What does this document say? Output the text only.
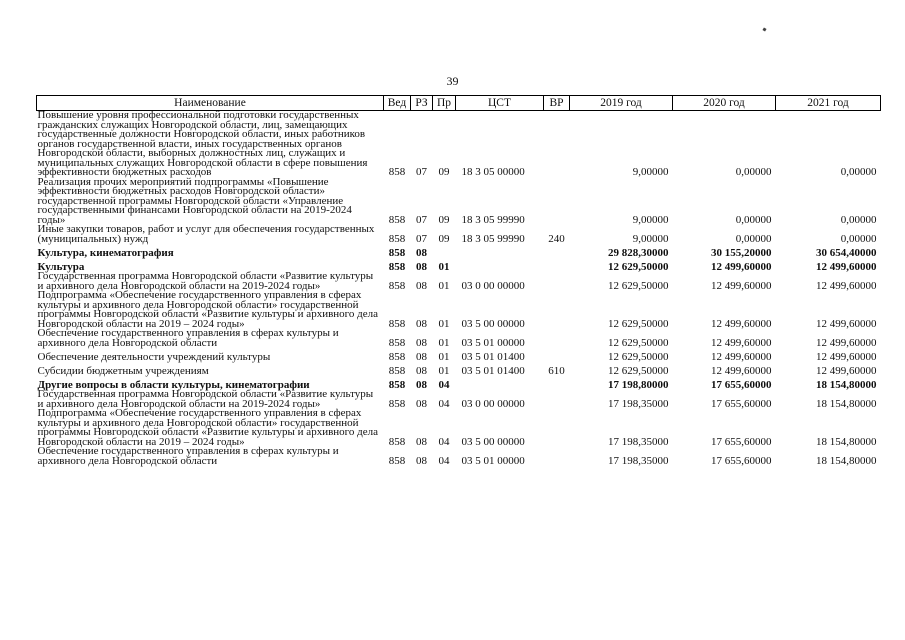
39
Наименование	Вед	РЗ	Пр	ЦСТ	ВР	2019 год	2020 год	2021 год
Повышение уровня профессиональной подготовки государственных гражданских служащих Новгородской области, лиц, замещающих государственные должности Новгородской области, иных работников органов государственной власти, иных государственных органов Новгородской области, выборных должностных лиц, служащих и муниципальных служащих Новгородской области в сфере повышения эффективности бюджетных расходов	858	07	09	18 3 05 00000		9,00000	0,00000	0,00000
Реализация прочих мероприятий подпрограммы «Повышение эффективности бюджетных расходов Новгородской области» государственной программы Новгородской области «Управление государственными финансами Новгородской области на 2019-2024 годы»	858	07	09	18 3 05 99990		9,00000	0,00000	0,00000
Иные закупки товаров, работ и услуг для обеспечения государственных (муниципальных) нужд	858	07	09	18 3 05 99990	240	9,00000	0,00000	0,00000
Культура, кинематография	858	08				29 828,30000	30 155,20000	30 654,40000
Культура	858	08	01			12 629,50000	12 499,60000	12 499,60000
Государственная программа Новгородской области «Развитие культуры и архивного дела Новгородской области на 2019-2024 годы»	858	08	01	03 0 00 00000		12 629,50000	12 499,60000	12 499,60000
Подпрограмма «Обеспечение государственного управления в сферах культуры и архивного дела Новгородской области» государственной программы Новгородской области «Развитие культуры и архивного дела Новгородской области на 2019 – 2024 годы»	858	08	01	03 5 00 00000		12 629,50000	12 499,60000	12 499,60000
Обеспечение государственного управления в сферах культуры и архивного дела Новгородской области	858	08	01	03 5 01 00000		12 629,50000	12 499,60000	12 499,60000
Обеспечение деятельности учреждений культуры	858	08	01	03 5 01 01400		12 629,50000	12 499,60000	12 499,60000
Субсидии бюджетным учреждениям	858	08	01	03 5 01 01400	610	12 629,50000	12 499,60000	12 499,60000
Другие вопросы в области культуры, кинематографии	858	08	04			17 198,80000	17 655,60000	18 154,80000
Государственная программа Новгородской области «Развитие культуры и архивного дела Новгородской области на 2019-2024 годы»	858	08	04	03 0 00 00000		17 198,35000	17 655,60000	18 154,80000
Подпрограмма «Обеспечение государственного управления в сферах культуры и архивного дела Новгородской области» государственной программы Новгородской области «Развитие культуры и архивного дела Новгородской области на 2019 – 2024 годы»	858	08	04	03 5 00 00000		17 198,35000	17 655,60000	18 154,80000
Обеспечение государственного управления в сферах культуры и архивного дела Новгородской области	858	08	04	03 5 01 00000		17 198,35000	17 655,60000	18 154,80000
